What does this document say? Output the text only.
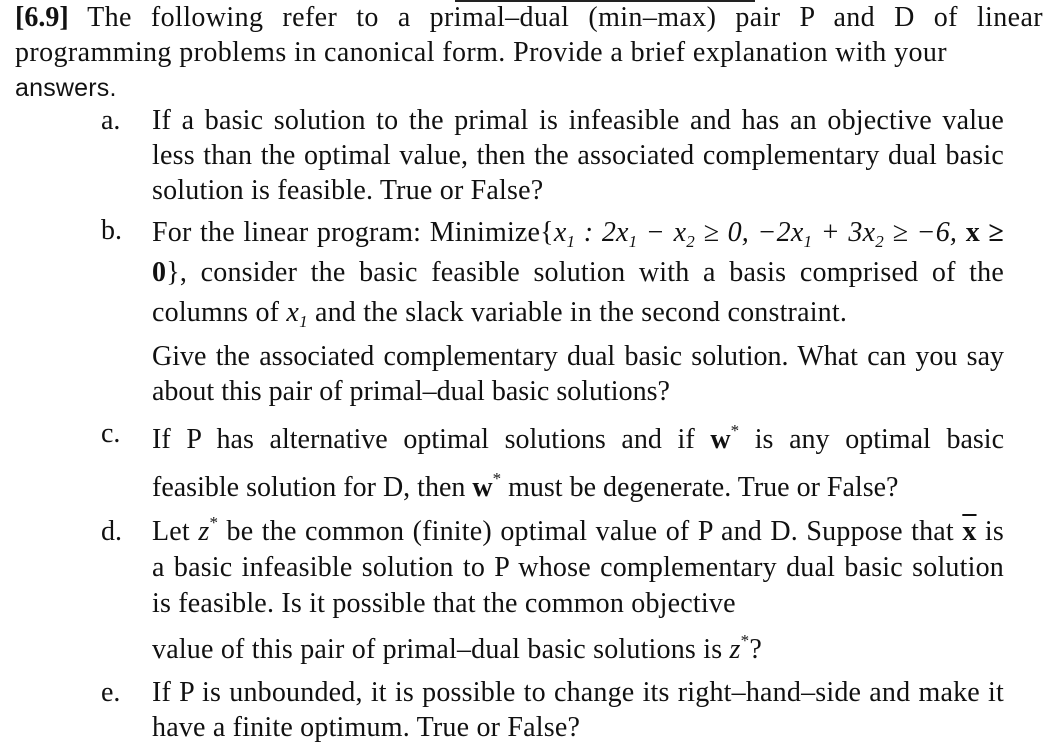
[6.9] The following refer to a primal–dual (min–max) pair P and D of linear programming problems in canonical form. Provide a brief explanation with your
answers.
a. If a basic solution to the primal is infeasible and has an objective value less than the optimal value, then the associated complementary dual basic solution is feasible. True or False?

b. For the linear program: $Minimize\{x_1$ : $2x_1 - x_2 \ge 0$, $-2x_1 + 3x_2 \ge -6$, x ≥ 0}, consider the basic feasible solution with a basis comprised of the columns of $x_1$ and the slack variable in the second constraint.

Give the associated complementary dual basic solution. What can you say about this pair of primal–dual basic solutions?

c. If P has alternative optimal solutions and if w* is any optimal basic

feasible solution for D, then w* must be degenerate. True or False?

d. Let z* be the common (finite) optimal value of P and D. Suppose that $\overline{x}$ is a basic infeasible solution to P whose complementary dual basic solution is feasible. Is it possible that the common objective

value of this pair of primal–dual basic solutions is z*?

e. If P is unbounded, it is possible to change its right–hand–side and make it have a finite optimum. True or False?
